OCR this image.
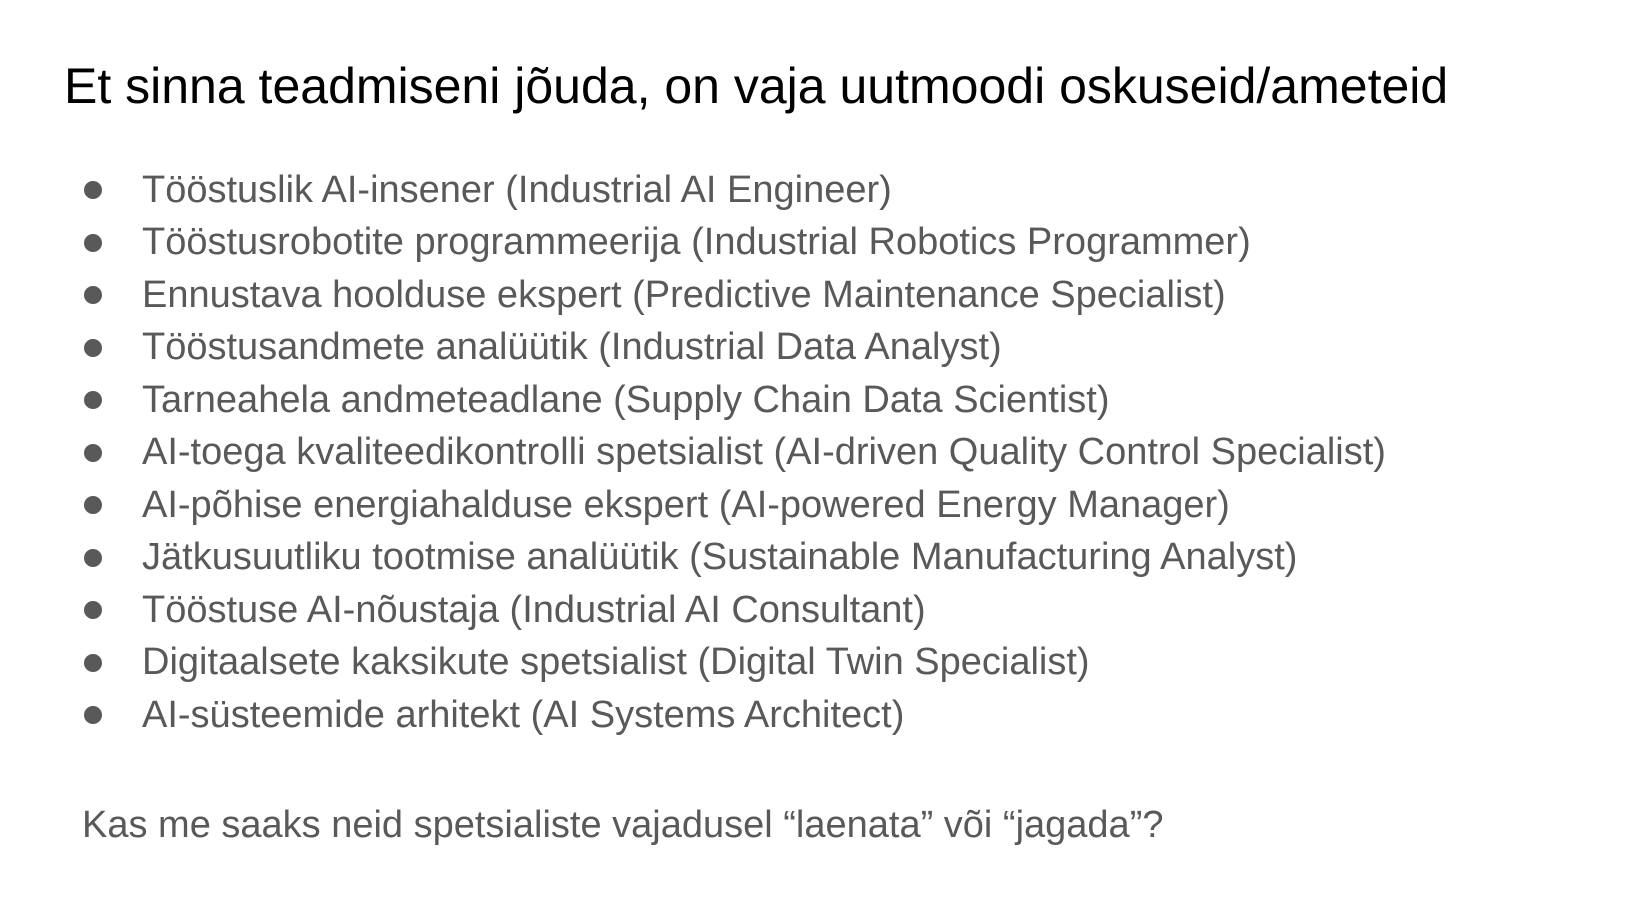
Et sinna teadmiseni jõuda, on vaja uutmoodi oskuseid/ameteid
Tööstuslik AI-insener (Industrial AI Engineer)
Tööstusrobotite programmeerija (Industrial Robotics Programmer)
Ennustava hoolduse ekspert (Predictive Maintenance Specialist)
Tööstusandmete analüütik (Industrial Data Analyst)
Tarneahela andmeteadlane (Supply Chain Data Scientist)
AI-toega kvaliteedikontrolli spetsialist (AI-driven Quality Control Specialist)
AI-põhise energiahalduse ekspert (AI-powered Energy Manager)
Jätkusuutliku tootmise analüütik (Sustainable Manufacturing Analyst)
Tööstuse AI-nõustaja (Industrial AI Consultant)
Digitaalsete kaksikute spetsialist (Digital Twin Specialist)
AI-süsteemide arhitekt (AI Systems Architect)

Kas me saaks neid spetsialiste vajadusel “laenata” või “jagada”?
